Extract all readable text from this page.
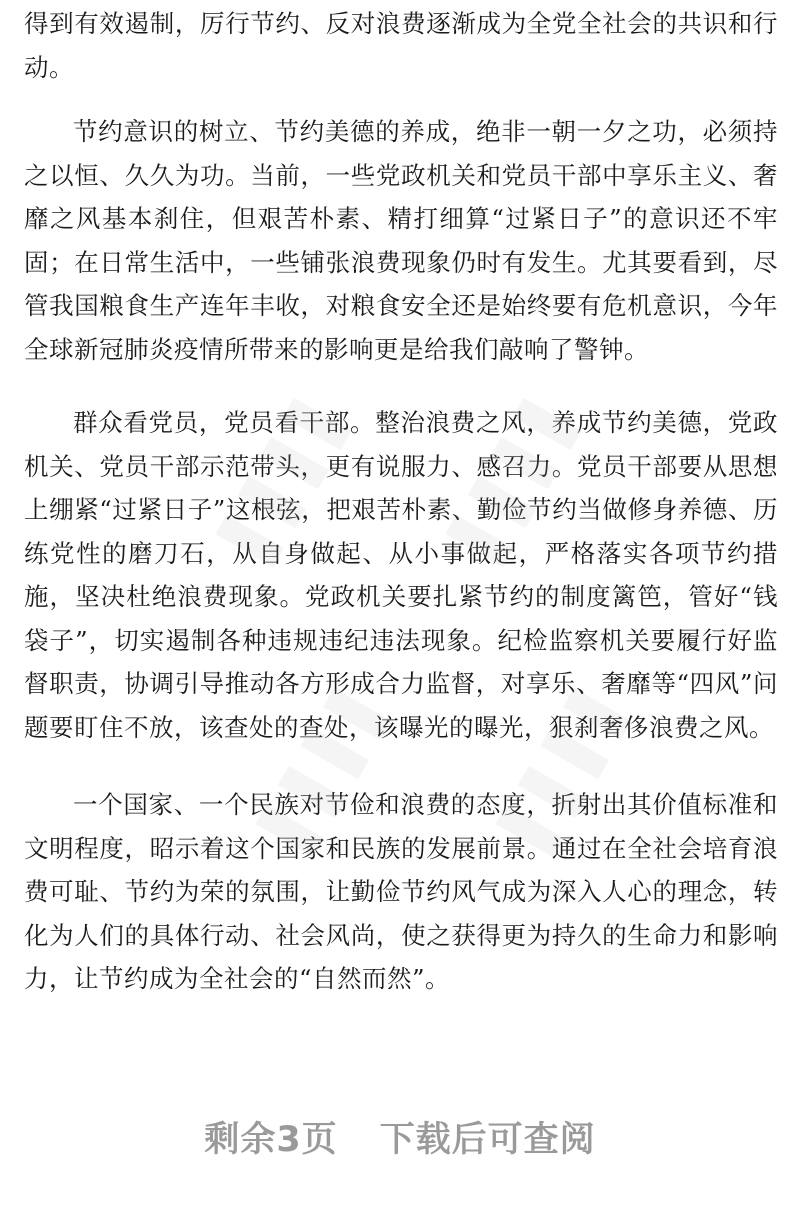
得到有效遏制，厉行节约、反对浪费逐渐成为全党全社会的共识和行动。

节约意识的树立、节约美德的养成，绝非一朝一夕之功，必须持之以恒、久久为功。当前，一些党政机关和党员干部中享乐主义、奢靡之风基本刹住，但艰苦朴素、精打细算“过紧日子”的意识还不牢固；在日常生活中，一些铺张浪费现象仍时有发生。尤其要看到，尽管我国粮食生产连年丰收，对粮食安全还是始终要有危机意识，今年全球新冠肺炎疫情所带来的影响更是给我们敲响了警钟。

群众看党员，党员看干部。整治浪费之风，养成节约美德，党政机关、党员干部示范带头，更有说服力、感召力。党员干部要从思想上绷紧“过紧日子”这根弦，把艰苦朴素、勤俭节约当做修身养德、历练党性的磨刀石，从自身做起、从小事做起，严格落实各项节约措施，坚决杜绝浪费现象。党政机关要扎紧节约的制度篱笆，管好“钱袋子”，切实遏制各种违规违纪违法现象。纪检监察机关要履行好监督职责，协调引导推动各方形成合力监督，对享乐、奢靡等“四风”问题要盯住不放，该查处的查处，该曝光的曝光，狠刹奢侈浪费之风。

一个国家、一个民族对节俭和浪费的态度，折射出其价值标准和文明程度，昭示着这个国家和民族的发展前景。通过在全社会培育浪费可耻、节约为荣的氛围，让勤俭节约风气成为深入人心的理念，转化为人们的具体行动、社会风尚，使之获得更为持久的生命力和影响力，让节约成为全社会的“自然而然”。

▌▌▌▌ ▌▌▌▌
▌▌▌▌ ▌▌▌▌
剩余3页 下载后可查阅
